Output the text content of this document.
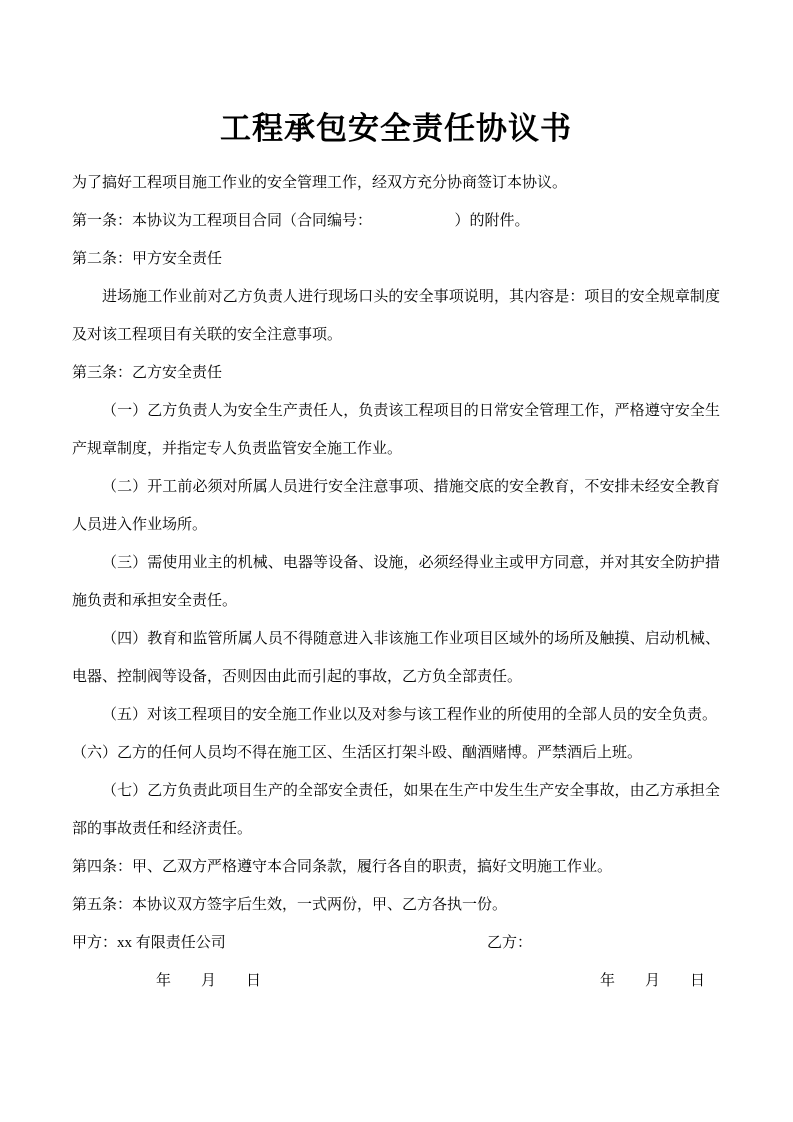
工程承包安全责任协议书
为了搞好工程项目施工作业的安全管理工作，经双方充分协商签订本协议。
第一条：本协议为工程项目合同（合同编号：　　　　　　）的附件。
第二条：甲方安全责任
进场施工作业前对乙方负责人进行现场口头的安全事项说明，其内容是：项目的安全规章制度及对该工程项目有关联的安全注意事项。
第三条：乙方安全责任
（一）乙方负责人为安全生产责任人，负责该工程项目的日常安全管理工作，严格遵守安全生产规章制度，并指定专人负责监管安全施工作业。
（二）开工前必须对所属人员进行安全注意事项、措施交底的安全教育，不安排未经安全教育人员进入作业场所。
（三）需使用业主的机械、电器等设备、设施，必须经得业主或甲方同意，并对其安全防护措施负责和承担安全责任。
（四）教育和监管所属人员不得随意进入非该施工作业项目区域外的场所及触摸、启动机械、电器、控制阀等设备，否则因由此而引起的事故，乙方负全部责任。
（五）对该工程项目的安全施工作业以及对参与该工程作业的所使用的全部人员的安全负责。
（六）乙方的任何人员均不得在施工区、生活区打架斗殴、酗酒赌博。严禁酒后上班。
（七）乙方负责此项目生产的全部安全责任，如果在生产中发生生产安全事故，由乙方承担全部的事故责任和经济责任。
第四条：甲、乙双方严格遵守本合同条款，履行各自的职责，搞好文明施工作业。
第五条：本协议双方签字后生效，一式两份，甲、乙方各执一份。
甲方：xx 有限责任公司	乙方：
年　　月　　日	年　　月　　日
